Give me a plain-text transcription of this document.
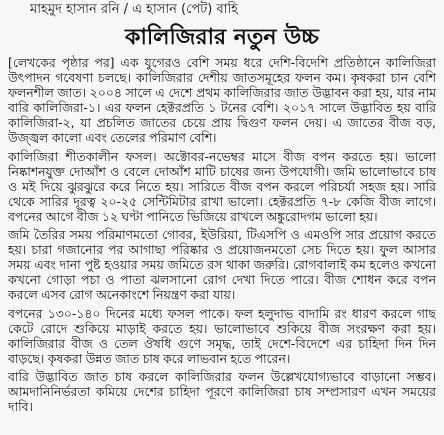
মাহমুদ হাসান রনি / এ হাসান (পেট) বাহি
কালিজিরার নতুন উচ্চ

[লেখকের পৃষ্ঠার পর] এক যুগেরও বেশি সময় ধরে দেশি-বিদেশি প্রতিষ্ঠানে কালিজিরা উৎপাদন গবেষণা চলছে। কালিজিরার দেশীয় জাতসমূহের ফলন কম। কৃষকরা চান বেশি ফলনশীল জাত। ২০০৪ সালে এ দেশে প্রথম কালিজিরার জাত উদ্ভাবন করা হয়, যার নাম বারি কালিজিরা-১। এর ফলন হেক্টরপ্রতি ১ টনের বেশি। ২০১৭ সালে উদ্ভাবিত হয় বারি কালিজিরা-২, যা প্রচলিত জাতের চেয়ে প্রায় দ্বিগুণ ফলন দেয়। এ জাতের বীজ বড়, উজ্জ্বল কালো এবং তেলের পরিমাণ বেশি।

কালিজিরা শীতকালীন ফসল। অক্টোবর-নভেম্বর মাসে বীজ বপন করতে হয়। ভালো নিষ্কাশনযুক্ত দোআঁশ ও বেলে দোআঁশ মাটি চাষের জন্য উপযোগী। জমি ভালোভাবে চাষ ও মই দিয়ে ঝুরঝুরে করে নিতে হয়। সারিতে বীজ বপন করলে পরিচর্যা সহজ হয়। সারি থেকে সারির দূরত্ব ২০-২৫ সেন্টিমিটার রাখা ভালো। হেক্টরপ্রতি ৭-৮ কেজি বীজ লাগে। বপনের আগে বীজ ১২ ঘণ্টা পানিতে ভিজিয়ে রাখলে অঙ্কুরোদগম ভালো হয়।

জমি তৈরির সময় পরিমাণমতো গোবর, ইউরিয়া, টিএসপি ও এমওপি সার প্রয়োগ করতে হয়। চারা গজানোর পর আগাছা পরিষ্কার ও প্রয়োজনমতো সেচ দিতে হয়। ফুল আসার সময় এবং দানা পুষ্ট হওয়ার সময় জমিতে রস থাকা জরুরি। রোগবালাই কম হলেও কখনো কখনো গোড়া পচা ও পাতা ঝলসানো রোগ দেখা দিতে পারে। বীজ শোধন করে বপন করলে এসব রোগ অনেকাংশে নিয়ন্ত্রণ করা যায়।

বপনের ১৩০-১৪০ দিনের মধ্যে ফসল পাকে। ফল হলুদাভ বাদামি রং ধারণ করলে গাছ কেটে রোদে শুকিয়ে মাড়াই করতে হয়। ভালোভাবে শুকিয়ে বীজ সংরক্ষণ করা হয়। কালিজিরার বীজ ও তেল ঔষধি গুণে সমৃদ্ধ, তাই দেশে-বিদেশে এর চাহিদা দিন দিন বাড়ছে। কৃষকরা উন্নত জাত চাষ করে লাভবান হতে পারেন।

বারি উদ্ভাবিত জাত চাষ করলে কালিজিরার ফলন উল্লেখযোগ্যভাবে বাড়ানো সম্ভব। আমদানিনির্ভরতা কমিয়ে দেশের চাহিদা পূরণে কালিজিরা চাষ সম্প্রসারণ এখন সময়ের দাবি।
